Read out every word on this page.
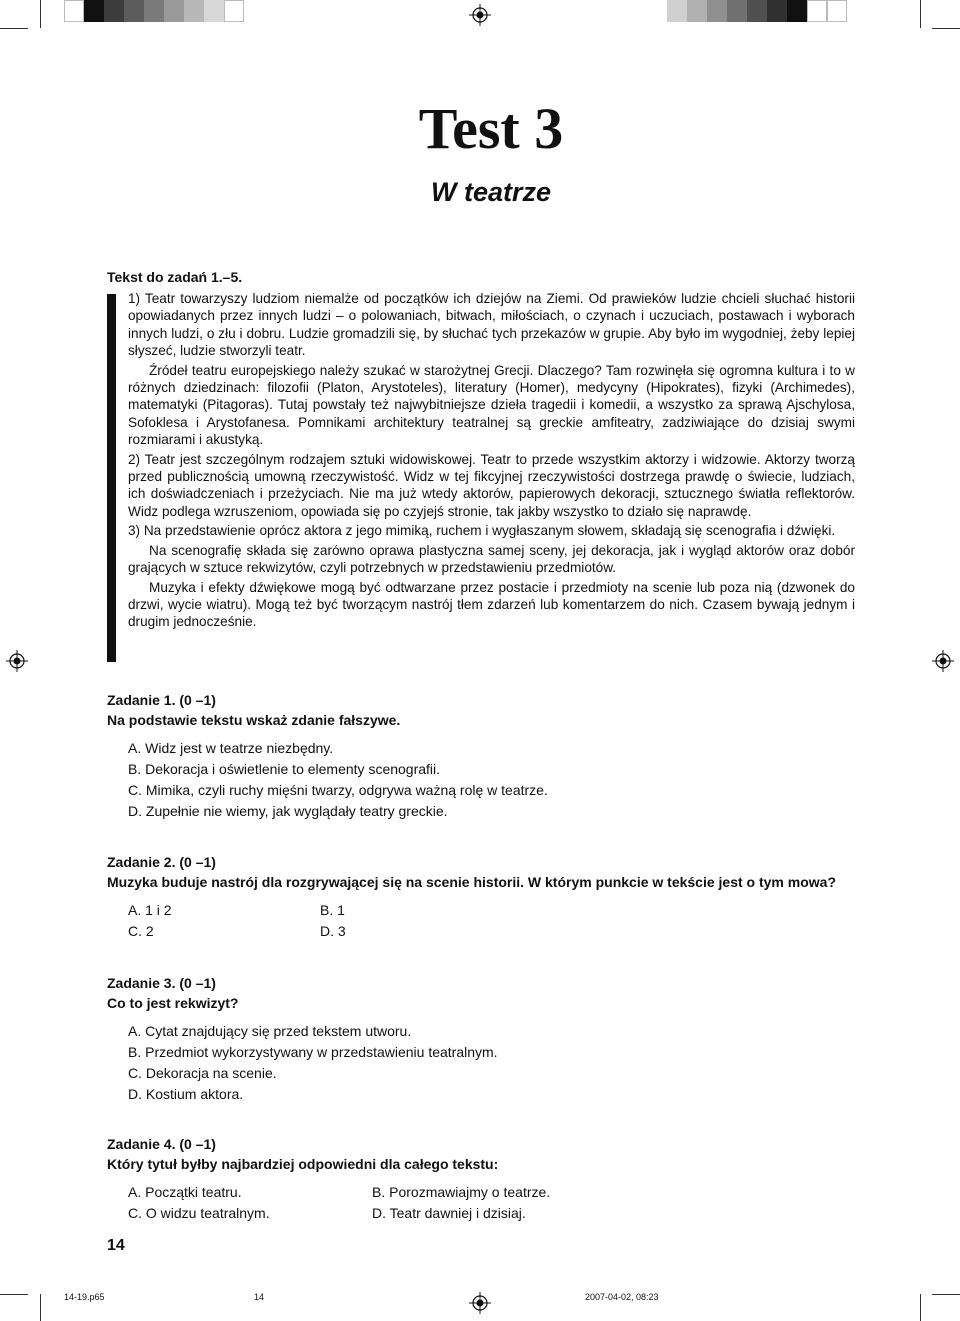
Test 3
W teatrze

Tekst do zadań 1.–5.

1) Teatr towarzyszy ludziom niemalże od początków ich dziejów na Ziemi. Od prawieków ludzie chcieli słuchać historii opowiadanych przez innych ludzi – o polowaniach, bitwach, miłościach, o czynach i uczuciach, postawach i wyborach innych ludzi, o złu i dobru. Ludzie gromadzili się, by słuchać tych przekazów w grupie. Aby było im wygodniej, żeby lepiej słyszeć, ludzie stworzyli teatr.

Źródeł teatru europejskiego należy szukać w starożytnej Grecji. Dlaczego? Tam rozwinęła się ogromna kultura i to w różnych dziedzinach: filozofii (Platon, Arystoteles), literatury (Homer), medycyny (Hipokrates), fizyki (Archimedes), matematyki (Pitagoras). Tutaj powstały też najwybitniejsze dzieła tragedii i komedii, a wszystko za sprawą Ajschylosa, Sofoklesa i Arystofanesa. Pomnikami architektury teatralnej są greckie amfiteatry, zadziwiające do dzisiaj swymi rozmiarami i akustyką.

2) Teatr jest szczególnym rodzajem sztuki widowiskowej. Teatr to przede wszystkim aktorzy i widzowie. Aktorzy tworzą przed publicznością umowną rzeczywistość. Widz w tej fikcyjnej rzeczywistości dostrzega prawdę o świecie, ludziach, ich doświadczeniach i przeżyciach. Nie ma już wtedy aktorów, papierowych dekoracji, sztucznego światła reflektorów. Widz podlega wzruszeniom, opowiada się po czyjejś stronie, tak jakby wszystko to działo się naprawdę.

3) Na przedstawienie oprócz aktora z jego mimiką, ruchem i wygłaszanym słowem, składają się scenografia i dźwięki.

Na scenografię składa się zarówno oprawa plastyczna samej sceny, jej dekoracja, jak i wygląd aktorów oraz dobór grających w sztuce rekwizytów, czyli potrzebnych w przedstawieniu przedmiotów.

Muzyka i efekty dźwiękowe mogą być odtwarzane przez postacie i przedmioty na scenie lub poza nią (dzwonek do drzwi, wycie wiatru). Mogą też być tworzącym nastrój tłem zdarzeń lub komentarzem do nich. Czasem bywają jednym i drugim jednocześnie.

Zadanie 1. (0 –1)

Na podstawie tekstu wskaż zdanie fałszywe.

A. Widz jest w teatrze niezbędny.
B. Dekoracja i oświetlenie to elementy scenografii.
C. Mimika, czyli ruchy mięśni twarzy, odgrywa ważną rolę w teatrze.
D. Zupełnie nie wiemy, jak wyglądały teatry greckie.

Zadanie 2. (0 –1)

Muzyka buduje nastrój dla rozgrywającej się na scenie historii. W którym punkcie w tekście jest o tym mowa?

A. 1 i 2	B. 1
C. 2	D. 3

Zadanie 3. (0 –1)

Co to jest rekwizyt?

A. Cytat znajdujący się przed tekstem utworu.
B. Przedmiot wykorzystywany w przedstawieniu teatralnym.
C. Dekoracja na scenie.
D. Kostium aktora.

Zadanie 4. (0 –1)

Który tytuł byłby najbardziej odpowiedni dla całego tekstu:

A. Początki teatru.	B. Porozmawiajmy o teatrze.
C. O widzu teatralnym.	D. Teatr dawniej i dzisiaj.

14

14-19.p65	14	2007-04-02, 08:23
